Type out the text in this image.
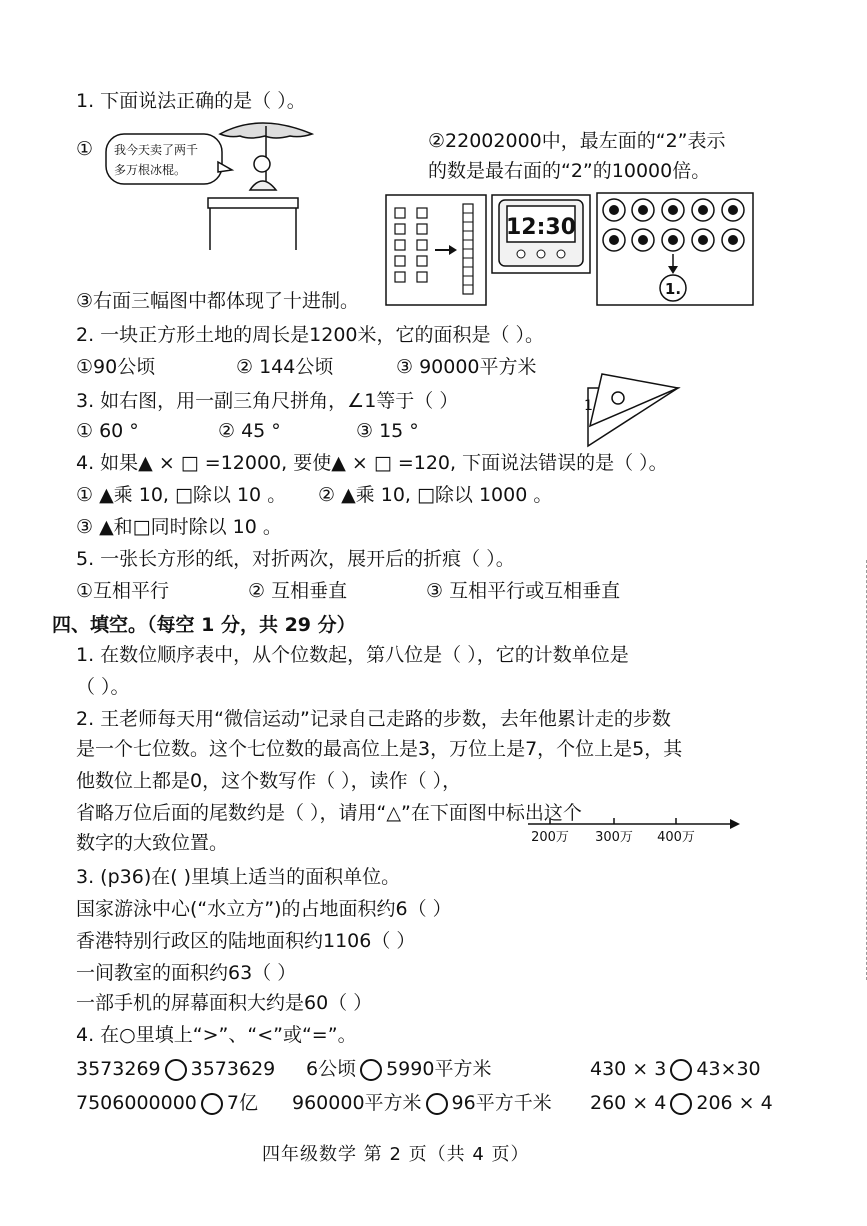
1. 下面说法正确的是（ ）。
① 我今天卖了两千
多万根冰棍。
②22002000中，最左面的“2”表示
的数是最右面的“2”的10000倍。
12:30
1.
③右面三幅图中都体现了十进制。
2. 一块正方形土地的周长是1200米，它的面积是（ ）。
①90公顷	② 144公顷	③ 90000平方米
3. 如右图，用一副三角尺拼角，∠1等于（ ）
① 60 °	② 45 °	③ 15 °
1
4. 如果▲ × □ =12000, 要使▲ × □ =120, 下面说法错误的是（ ）。
① ▲乘 10, □除以 10 。 ② ▲乘 10, □除以 1000 。
③ ▲和□同时除以 10 。
5. 一张长方形的纸，对折两次，展开后的折痕（ ）。
①互相平行	② 互相垂直	③ 互相平行或互相垂直
四、填空。（每空 1 分，共 29 分）
1. 在数位顺序表中，从个位数起，第八位是（ ），它的计数单位是
（ ）。
2. 王老师每天用“微信运动”记录自己走路的步数，去年他累计走的步数
是一个七位数。这个七位数的最高位上是3，万位上是7，个位上是5，其
他数位上都是0，这个数写作（ ），读作（ ），
省略万位后面的尾数约是（ ），请用“△”在下面图中标出这个
数字的大致位置。	200万 300万 400万
3. (p36)在( )里填上适当的面积单位。
国家游泳中心(“水立方”)的占地面积约6（ ）
香港特别行政区的陆地面积约1106（ ）
一间教室的面积约63（ ）
一部手机的屏幕面积大约是60（ ）
4. 在○里填上“>”、“<”或“=”。
3573269 3573629 6公顷 5990平方米	430 × 3 43×30
7506000000 7亿 960000平方米 96平方千米 260 × 4 206 × 4
四年级数学 第 2 页（共 4 页）
